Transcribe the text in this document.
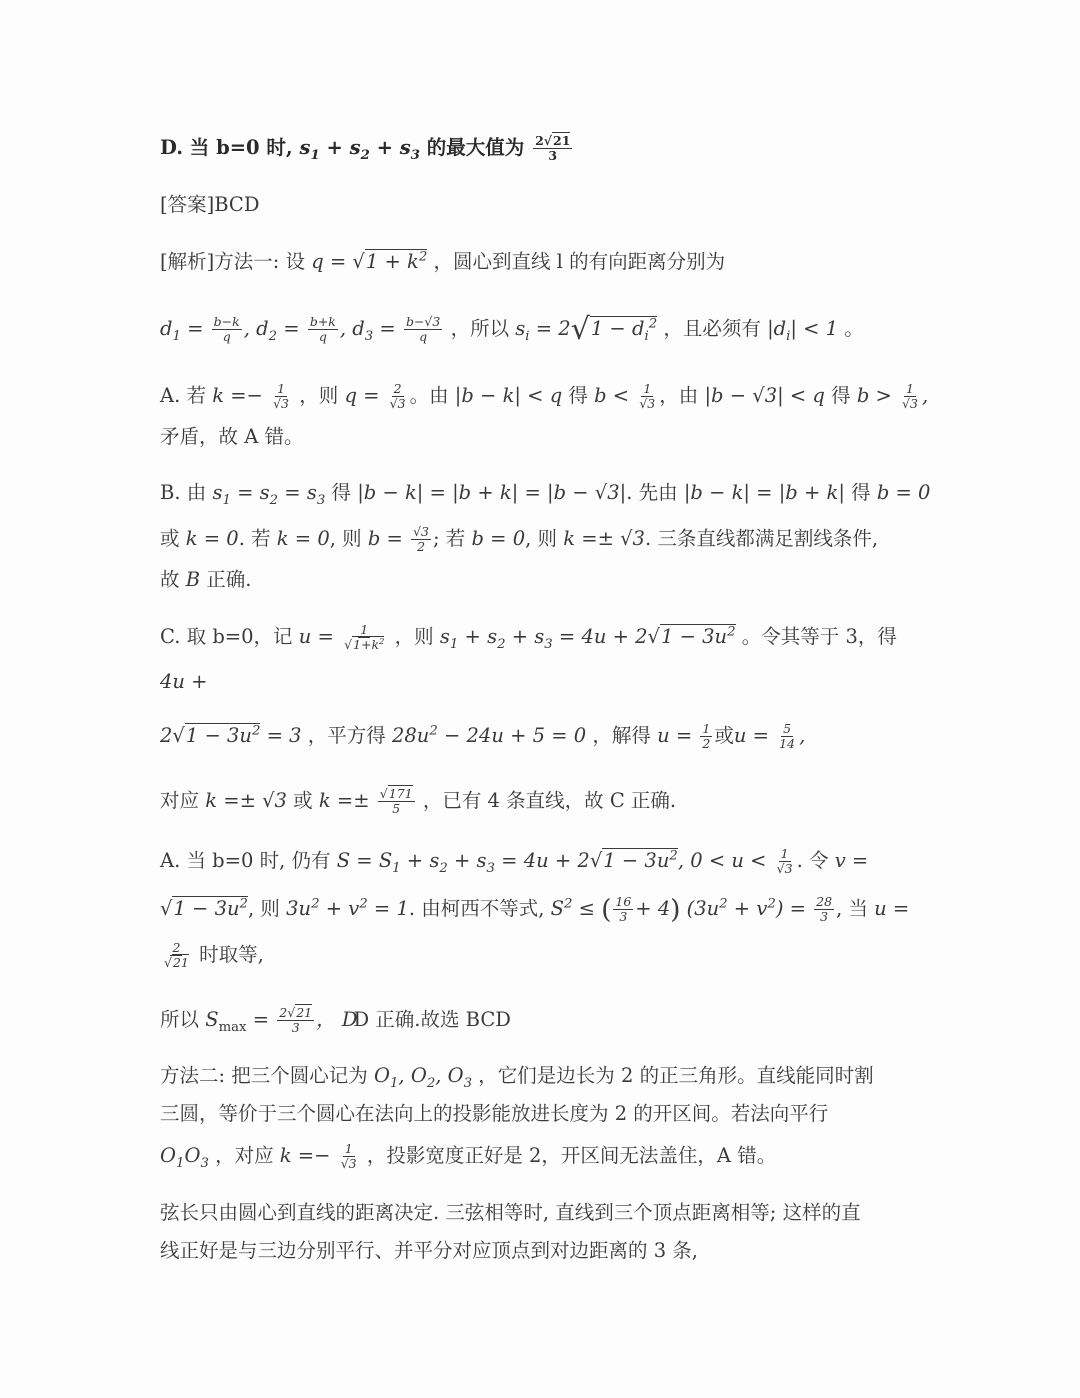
D. 当 b=0 时, $s_1 + s_2 + s_3$ 的最大值为 $\frac{2√21}{3}$
[答案]BCD
[解析]方法一: 设 $q = √1 + k^2$ ，圆心到直线 l 的有向距离分别为
$d_1 = \frac{b-k}{q}$ , $d_2 = \frac{b+k}{q}$ , $d_3 = \frac{b-√3}{q}$ ，所以 $s_i = 2√1 - d_i^2$ ，且必须有 $|d_i| < 1$ 。
A. 若 $k =- \frac{1}{√3}$ ，则 $q = \frac{2}{√3}$ 。由 |b − k| < q 得 $b < \frac{1}{√3}$ ，由 |b − √3| < q 得 $b > \frac{1}{√3}$ ,
矛盾，故 A 错。
B. 由 $s_1 = s_2 = s_3$ 得 |b − k| = |b + k| = |b − √3|. 先由 |b − k| = |b + k| 得 b = 0
或 k = 0. 若 k = 0, 则 $b = \frac{√3}{2}$ ; 若 b = 0, 则 k =± √3. 三条直线都满足割线条件,
故 B 正确.
C. 取 b=0，记 $u = \frac{1}{√1+k^2}$ ，则 $s_1 + s_2 + s_3 = 4u + 2√1 - 3u^2$ 。令其等于 3，得
4u +
$2√1 - 3u^2 = 3$ ，平方得 $28u^2 - 24u + 5 = 0$ ，解得 $u = \frac{1}{2}$ 或$u = \frac{5}{14}$ ,
对应 k =± √3 或 $k =\pm \frac{√171}{5}$ ，已有 4 条直线，故 C 正确.
A. 当 b=0 时, 仍有 $S = S_1 + s_2 + s_3 = 4u + 2√1 - 3u^2$, $0 < u < \frac{1}{√3}$ . 令 v =
$√1 - 3u^2$, 则 $3u^2 + v^2 = 1$. 由柯西不等式, $S^2$ ≤ ( $\frac{16}{3} + 4$) $(3u^2 + v^2) = \frac{28}{3}$ , 当 u =
$\frac{2}{√21}$ 时取等,
所以 $S_{max} = \frac{2√21}{3}$ ， DD 正确.故选 BCD
方法二: 把三个圆心记为 $O_1$, $O_2$, $O_3$ ，它们是边长为 2 的正三角形。直线能同时割
三圆，等价于三个圆心在法向上的投影能放进长度为 2 的开区间。若法向平行
$O_1O_3$ ，对应 $k =- \frac{1}{√3}$ ，投影宽度正好是 2，开区间无法盖住，A 错。
弦长只由圆心到直线的距离决定. 三弦相等时, 直线到三个顶点距离相等; 这样的直
线正好是与三边分别平行、并平分对应顶点到对边距离的 3 条,
